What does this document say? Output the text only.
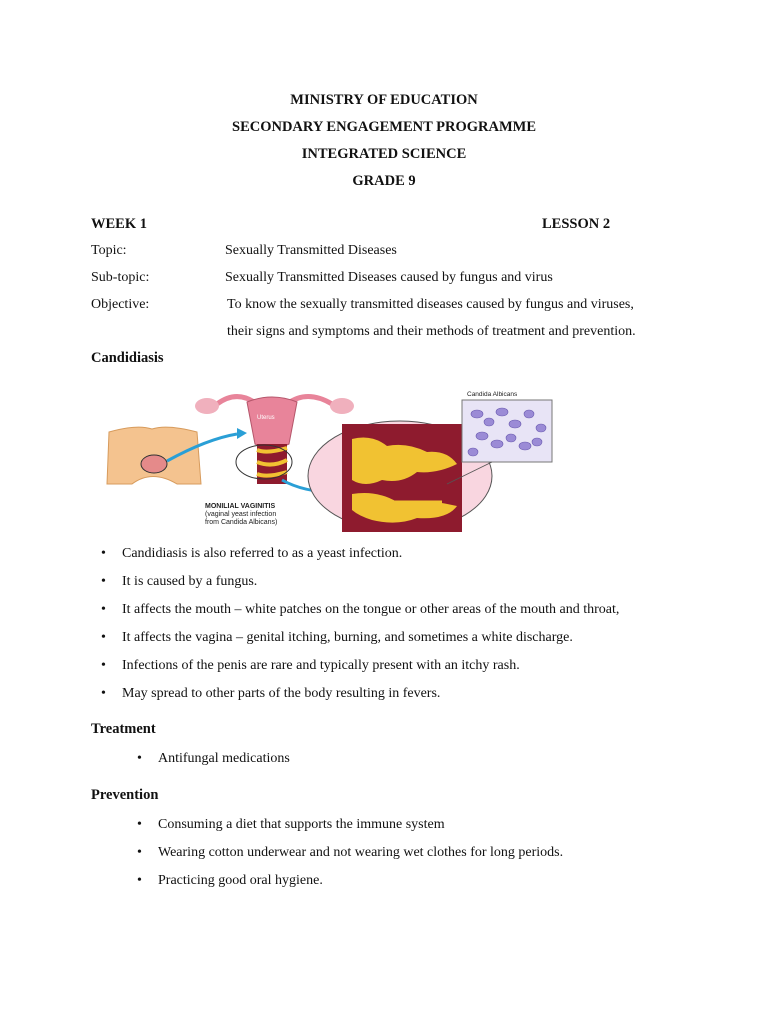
MINISTRY OF EDUCATION
SECONDARY ENGAGEMENT PROGRAMME
INTEGRATED SCIENCE
GRADE 9
WEEK 1	LESSON 2
Topic:	Sexually Transmitted Diseases
Sub-topic:	Sexually Transmitted Diseases caused by fungus and virus
Objective:	To know the sexually transmitted diseases caused by fungus and viruses,
their signs and symptoms and their methods of treatment and prevention.
Candidiasis
Uterus
Candida Albicans
MONILIAL VAGINITIS
(vaginal yeast infection
from Candida Albicans)
• Candidiasis is also referred to as a yeast infection.
• It is caused by a fungus.
• It affects the mouth – white patches on the tongue or other areas of the mouth and throat,
• It affects the vagina – genital itching, burning, and sometimes a white discharge.
• Infections of the penis are rare and typically present with an itchy rash.
• May spread to other parts of the body resulting in fevers.
Treatment
• Antifungal medications
Prevention
• Consuming a diet that supports the immune system
• Wearing cotton underwear and not wearing wet clothes for long periods.
• Practicing good oral hygiene.
